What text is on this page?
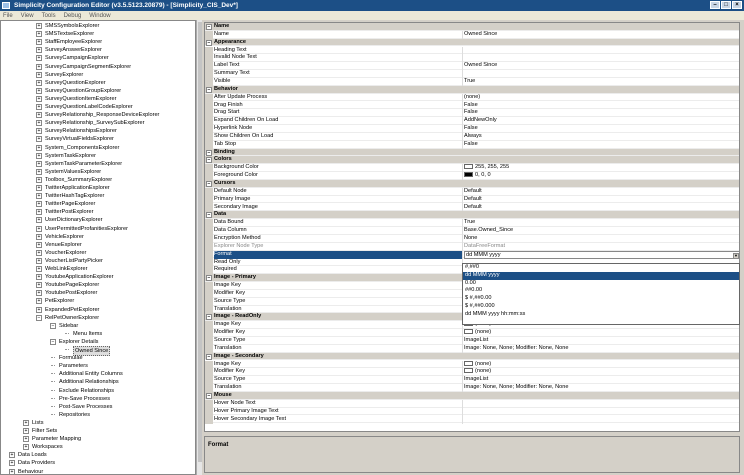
Simplicity Configuration Editor (v3.5.5123.20879) - [Simplicity_CIS_Dev*]	–	□	×
File View Tools Debug Window
+ SMSSymbolsExplorer
+ SMSTextseExplorer
+ StaffEmployeeExplorer
+ SurveyAnswerExplorer
+ SurveyCampaignExplorer
+ SurveyCampaignSegmentExplorer
+ SurveyExplorer
+ SurveyQuestionExplorer
+ SurveyQuestionGroupExplorer
+ SurveyQuestionItemExplorer
+ SurveyQuestionLabelCodeExplorer
+ SurveyRelationship_ResponseDeviceExplorer
+ SurveyRelationship_SurveySubExplorer
+ SurveyRelationshipsExplorer
+ SurveyVirtualFieldsExplorer
+ System_ComponentsExplorer
+ SystemTaskExplorer
+ SystemTaskParameterExplorer
+ SystemValuesExplorer
+ Toolbox_SummaryExplorer
+ TwitterApplicationExplorer
+ TwitterHashTagExplorer
+ TwitterPageExplorer
+ TwitterPostExplorer
+ UserDictionaryExplorer
+ UserPermittedProfanitiesExplorer
+ VehicleExplorer
+ VenueExplorer
+ VoucherExplorer
+ VoucherListPartyPicker
+ WebLinkExplorer
+ YoutubeApplicationExplorer
+ YoutubePageExplorer
+ YoutubePostExplorer
+ PetExplorer
+ ExpandedPetExplorer
− RelPetOwnerExplorer
− Sidebar
Menu Items
− Explorer Details
Owned Since
Formulae
Parameters
Additional Entity Columns
Additional Relationships
Exclude Relationships
Pre-Save Processes
Post-Save Processes
Repositories
+ Lists
+ Filter Sets
+ Parameter Mapping
+ Workspaces
+ Data Loads
+ Data Providers
+ Behaviour
− Name
Name	Owned Since
− Appearance
Heading Text
Invalid Node Text
Label Text	Owned Since
Summary Text
Visible	True
− Behavior
After Update Process	(none)
Drag Finish	False
Drag Start	False
Expand Children On Load	AddNewOnly
Hyperlink Node	False
Show Children On Load	Always
Tab Stop	False
− Binding
− Colors
Background Color	255, 255, 255
Foreground Color	0, 0, 0
− Cursors
Default Node	Default
Primary Image	Default
Secondary Image	Default
− Data
Data Bound	True
Data Column	Base.Owned_Since
Encryption Method	None
Explorer Node Type	DataFreeFormat
Format	dd MMM yyyy	▼
Read Only
Required
− Image - Primary
Image Key
Modifier Key
Source Type
Translation
− Image - ReadOnly
Image Key
Modifier Key	(none)
Source Type	ImageList
Translation	Image: None, None; Modifier: None, None
− Image - Secondary
Image Key	(none)
Modifier Key	(none)
Source Type	ImageList
Translation	Image: None, None; Modifier: None, None
− Mouse
Hover Node Text
Hover Primary Image Text
Hover Secondary Image Text
#,##0
dd MMM yyyy
0.00
##0.00
$ #,##0.00
$ #,##0.000
dd MMM yyyy hh:mm:ss
Format
